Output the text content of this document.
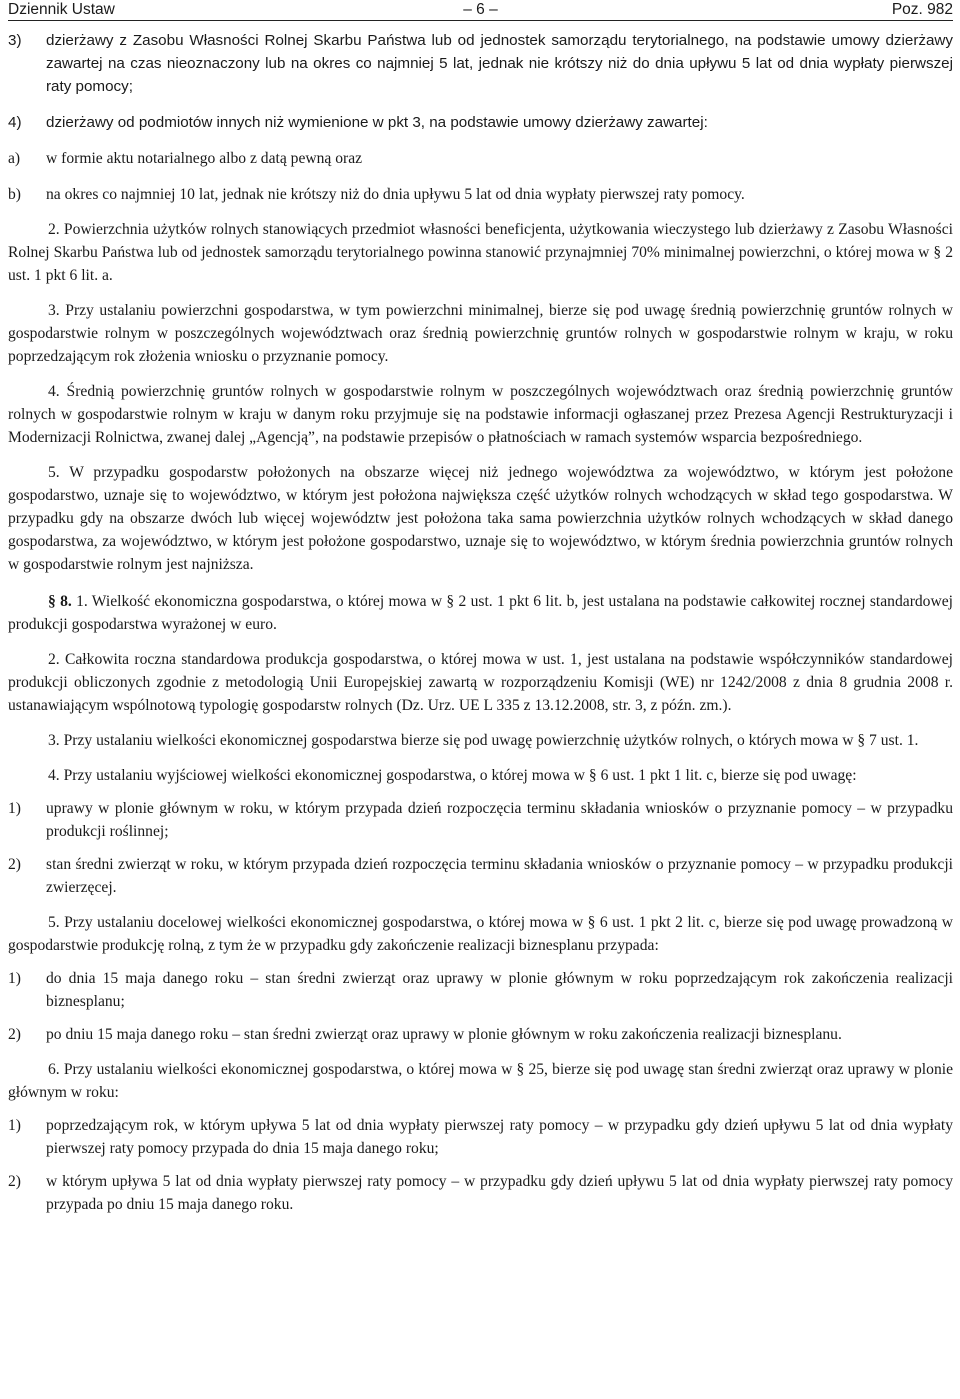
Dziennik Ustaw	– 6 –	Poz. 982

3) dzierżawy z Zasobu Własności Rolnej Skarbu Państwa lub od jednostek samorządu terytorialnego, na podstawie umowy dzierżawy zawartej na czas nieoznaczony lub na okres co najmniej 5 lat, jednak nie krótszy niż do dnia upływu 5 lat od dnia wypłaty pierwszej raty pomocy;

4) dzierżawy od podmiotów innych niż wymienione w pkt 3, na podstawie umowy dzierżawy zawartej:

a) w formie aktu notarialnego albo z datą pewną oraz

b) na okres co najmniej 10 lat, jednak nie krótszy niż do dnia upływu 5 lat od dnia wypłaty pierwszej raty pomocy.

2. Powierzchnia użytków rolnych stanowiących przedmiot własności beneficjenta, użytkowania wieczystego lub dzierżawy z Zasobu Własności Rolnej Skarbu Państwa lub od jednostek samorządu terytorialnego powinna stanowić przynajmniej 70% minimalnej powierzchni, o której mowa w § 2 ust. 1 pkt 6 lit. a.

3. Przy ustalaniu powierzchni gospodarstwa, w tym powierzchni minimalnej, bierze się pod uwagę średnią powierzchnię gruntów rolnych w gospodarstwie rolnym w poszczególnych województwach oraz średnią powierzchnię gruntów rolnych w gospodarstwie rolnym w kraju, w roku poprzedzającym rok złożenia wniosku o przyznanie pomocy.

4. Średnią powierzchnię gruntów rolnych w gospodarstwie rolnym w poszczególnych województwach oraz średnią powierzchnię gruntów rolnych w gospodarstwie rolnym w kraju w danym roku przyjmuje się na podstawie informacji ogłaszanej przez Prezesa Agencji Restrukturyzacji i Modernizacji Rolnictwa, zwanej dalej „Agencją”, na podstawie przepisów o płatnościach w ramach systemów wsparcia bezpośredniego.

5. W przypadku gospodarstw położonych na obszarze więcej niż jednego województwa za województwo, w którym jest położone gospodarstwo, uznaje się to województwo, w którym jest położona największa część użytków rolnych wchodzących w skład tego gospodarstwa. W przypadku gdy na obszarze dwóch lub więcej województw jest położona taka sama powierzchnia użytków rolnych wchodzących w skład danego gospodarstwa, za województwo, w którym jest położone gospodarstwo, uznaje się to województwo, w którym średnia powierzchnia gruntów rolnych w gospodarstwie rolnym jest najniższa.

§ 8. 1. Wielkość ekonomiczna gospodarstwa, o której mowa w § 2 ust. 1 pkt 6 lit. b, jest ustalana na podstawie całkowitej rocznej standardowej produkcji gospodarstwa wyrażonej w euro.

2. Całkowita roczna standardowa produkcja gospodarstwa, o której mowa w ust. 1, jest ustalana na podstawie współczynników standardowej produkcji obliczonych zgodnie z metodologią Unii Europejskiej zawartą w rozporządzeniu Komisji (WE) nr 1242/2008 z dnia 8 grudnia 2008 r. ustanawiającym wspólnotową typologię gospodarstw rolnych (Dz. Urz. UE L 335 z 13.12.2008, str. 3, z późn. zm.).

3. Przy ustalaniu wielkości ekonomicznej gospodarstwa bierze się pod uwagę powierzchnię użytków rolnych, o których mowa w § 7 ust. 1.

4. Przy ustalaniu wyjściowej wielkości ekonomicznej gospodarstwa, o której mowa w § 6 ust. 1 pkt 1 lit. c, bierze się pod uwagę:

1) uprawy w plonie głównym w roku, w którym przypada dzień rozpoczęcia terminu składania wniosków o przyznanie pomocy – w przypadku produkcji roślinnej;

2) stan średni zwierząt w roku, w którym przypada dzień rozpoczęcia terminu składania wniosków o przyznanie pomocy – w przypadku produkcji zwierzęcej.

5. Przy ustalaniu docelowej wielkości ekonomicznej gospodarstwa, o której mowa w § 6 ust. 1 pkt 2 lit. c, bierze się pod uwagę prowadzoną w gospodarstwie produkcję rolną, z tym że w przypadku gdy zakończenie realizacji biznesplanu przypada:

1) do dnia 15 maja danego roku – stan średni zwierząt oraz uprawy w plonie głównym w roku poprzedzającym rok zakończenia realizacji biznesplanu;

2) po dniu 15 maja danego roku – stan średni zwierząt oraz uprawy w plonie głównym w roku zakończenia realizacji biznesplanu.

6. Przy ustalaniu wielkości ekonomicznej gospodarstwa, o której mowa w § 25, bierze się pod uwagę stan średni zwierząt oraz uprawy w plonie głównym w roku:

1) poprzedzającym rok, w którym upływa 5 lat od dnia wypłaty pierwszej raty pomocy – w przypadku gdy dzień upływu 5 lat od dnia wypłaty pierwszej raty pomocy przypada do dnia 15 maja danego roku;

2) w którym upływa 5 lat od dnia wypłaty pierwszej raty pomocy – w przypadku gdy dzień upływu 5 lat od dnia wypłaty pierwszej raty pomocy przypada po dniu 15 maja danego roku.
